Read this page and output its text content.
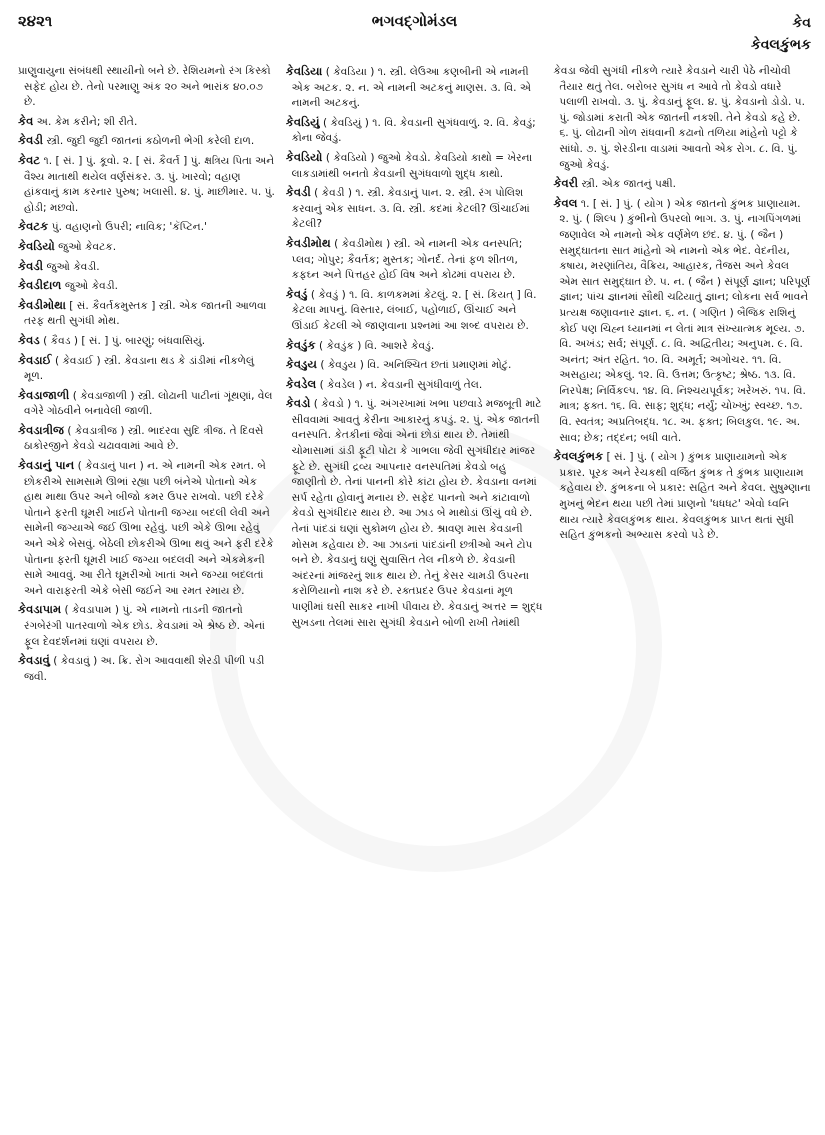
૨૪૨૧	ભગવદ્ગોમંડલ	કેવ
કેવલકુંભક

પ્રાણુવાયુના સંબંધથી સ્થાયીનો બને છે. રેશિયમનો રંગ કિસ્કો સફેદ હોય છે. તેનો પરમાણુ અંક ૨૦ અને ભારાંક ૪૦.૦૭ છે.

કેવ અ. કેમ કરીને; શી રીતે.

કેવડી સ્ત્રી. જુદી જુદી જાતનાં કઠોળની ભેગી કરેલી દાળ.

કેવટ ૧. [ સં. ] પું. કૂવો. ૨. [ સં. કૈવર્ત ] પું. ક્ષત્રિય પિતા અને વૈશ્ય માતાથી થયેલ વર્ણસંકર. ૩. પું. ખારવો; વહાણ હાંકવાનું કામ કરનાર પુરુષ; ખલાસી. ૪. પું. માછીમાર. ૫. પું. હોડી; મછવો.

કેવટક પું. વહાણનો ઉપરી; નાવિક; 'કૅપ્ટિન.'

કેવડિયો જુઓ કેવટક.

કેવડી જુઓ કેવડી.

કેવડીદાળ જુઓ કેવડી.

કેવડીમોથા [ સં. કૈવર્તકમુસ્તક ] સ્ત્રી. એક જાતની આળવા તરફ થતી સુગંધી મોથ.

કેવડ ( કૈવડ ) [ સં. ] પું. બારણું; બંધવાસિયું.

કેવડાઈ ( કેવડાઈ ) સ્ત્રી. કેવડાના થડ કે ડાંડીમાં નીકળેલું મૂળ.

કેવડાજાળી ( કેવડાજાળી ) સ્ત્રી. લોઢાની પાટીનાં ગૂંથણાં, વેલ વગેરે ગોઠવીને બનાવેલી જાળી.

કેવડાત્રીજ ( કેવડાત્રીજ ) સ્ત્રી. ભાદરવા સુદિ ત્રીજ. તે દિવસે ઠાકોરજીને કેવડો ચઢાવવામાં આવે છે.

કેવડાનું પાન ( કેવડાનું પાન ) ન. એ નામની એક રમત. બે છોકરીએ સામસામે ઊભાં રહ્યા પછી બંનેએ પોતાનો એક હાથ માથા ઉપર અને બીજો કમર ઉપર રાખવો. પછી દરેકે પોતાને ફરતી ઘૂમરી ખાઈને પોતાની જગ્યા બદલી લેવી અને સામેની જગ્યાએ જઈ ઊભા રહેવું. પછી એકે ઊભા રહેવું અને એકે બેસવું. બેઠેલી છોકરીએ ઊભા થવું અને ફરી દરેકે પોતાના ફરતી ઘૂમરી ખાઈ જગ્યા બદલવી અને એકમેકની સામે આવવું. આ રીતે ઘૂમરીઓ ખાતાં અને જગ્યા બદલતાં અને વારાફરતી એકે બેસી જઈને આ રમત રમાય છે.

કેવડાપામ ( કેવડાપામ ) પું. એ નામનો તાડની જાતનો રંગબેરંગી પાતરવાળો એક છોડ. કેવડામાં એ શ્રેષ્ઠ છે. એનાં ફૂલ દેવદર્શનમાં ઘણાં વપરાય છે.

કેવડાવું ( કેવડાવું ) અ. ક્રિ. રોગ આવવાથી શેરડી પીળી પડી જવી.

કેવડિયા ( કેવડિયા ) ૧. સ્ત્રી. લેઉઆ કણબીની એ નામની એક અટક. ૨. ન. એ નામની અટકનું માણસ. ૩. વિ. એ નામની અટકનું.

કેવડિયું ( કેવડિયું ) ૧. વિ. કેવડાની સુગંધવાળું. ૨. વિ. કેવડું; કોના જેવડું.

કેવડિયો ( કેવડિયો ) જુઓ કેવડો. કેવડિયો કાથો = ખેરના લાકડામાંથી બનતો કેવડાની સુગંધવાળો શુદ્ધ કાથો.

કેવડી ( કેવડી ) ૧. સ્ત્રી. કેવડાનું પાન. ૨. સ્ત્રી. રંગ પોલિશ કરવાનું એક સાધન. ૩. વિ. સ્ત્રી. કદમાં કેટલી? ઊંચાઈમાં કેટલી?

કેવડીમોથ ( કેવડીમોથ ) સ્ત્રી. એ નામની એક વનસ્પતિ; પ્લવ; ગોપુર; કૈવર્તક; મુસ્તક; ગોનર્દ. તેનાં ફળ શીતળ, કફઘ્ન અને પિત્તહર હોઈ વિષ અને કોઢમાં વપરાય છે.

કેવડું ( કેવડું ) ૧. વિ. કાળકમમાં કેટલું. ૨. [ સં. કિયત્ ] વિ. કેટલા માપનું. વિસ્તાર, લંબાઈ, પહોળાઈ, ઊંચાઈ અને ઊંડાઈ કેટલી એ જાણવાના પ્રશ્નમાં આ શબ્દ વપરાય છે.

કેવડુંક ( કેવડુંક ) વિ. આશરે કેવડું.

કેવડુય ( કેવડુય ) વિ. અનિશ્ચિત છતાં પ્રમાણમાં મોટું.

કેવડેલ ( કેવડેલ ) ન. કેવડાની સુગંધીવાળું તેલ.

કેવડો ( કેવડો ) ૧. પું. અંગરખામાં ખભા પછવાડે મજબૂતી માટે સીવવામાં આવતું કેરીના આકારનું કપડું. ૨. પું. એક જાતની વનસ્પતિ. કેતકીનાં જેવાં એનાં છોડાં થાય છે. તેમાંથી ચોમાસામાં ડાંડી ફૂટી પોટા કે ગાભલા જેવી સુગંધીદાર માંજર ફૂટે છે. સુગંધી દ્રવ્ય આપનાર વનસ્પતિમાં કેવડો બહુ જાણીતો છે. તેનાં પાનની કોરે કાંટા હોય છે. કેવડાના વનમાં સર્પ રહેતા હોવાનું મનાય છે. સફેદ પાનનો અને કાંટાવાળો કેવડો સુગંધીદાર થાય છે. આ ઝાડ બે માથોડાં ઊંચું વધે છે. તેનાં પાંદડાં ઘણાં સુકોમળ હોય છે. શ્રાવણ માસ કેવડાની મોસમ કહેવાય છે. આ ઝાડનાં પાંદડાંની છત્રીઓ અને ટોપ બને છે. કેવડાનું ઘણું સુવાસિત તેલ નીકળે છે. કેવડાની અંદરનાં માંજરનું શાક થાય છે. તેનું કેસર ચામડી ઉપરના કરોળિયાનો નાશ કરે છે. રક્તપ્રદર ઉપર કેવડાનાં મૂળ પાણીમાં ઘસી સાકર નાખી પીવાય છે. કેવડાનું અત્તર = શુદ્ધ સુખડના તેલમાં સારા સુગંધી કેવડાને બોળી રાખી તેમાંથી

કેવડા જેવી સુગંધી નીકળે ત્યારે કેવડાને ચારી પેઠે નીચોવી તૈયાર થતું તેલ. બરોબર સુગંધ ન આવે તો કેવડો વધારે પલાળી રાખવો. ૩. પું. કેવડાનું ફૂલ. ૪. પું. કેવડાનો ડોડો. ૫. પું. જોડામાં કરાતી એક જાતની નકશી. તેને કેવડો કહે છે. ૬. પું. લોઢાની ગોળ રાંધવાની કઢાનો તળિયા માંહેનો પટ્ટો કે સાંધો. ૭. પું. શેરડીના વાડામાં આવતો એક રોગ. ૮. વિ. પું. જુઓ કેવડું.

કેવરી સ્ત્રી. એક જાતનું પક્ષી.

કેવલ ૧. [ સં. ] પું. ( યોગ ) એક જાતનો કુંભક પ્રાણાયામ. ૨. પું. ( શિલ્પ ) કુંભીનો ઉપરલો ભાગ. ૩. પું. નાગપિંગળમાં જણાવેલ એ નામનો એક વર્ણમેળ છંદ. ૪. પું. ( જૈન ) સમુદ્ઘાતના સાત માંહેનો એ નામનો એક ભેદ. વેદનીય, કષાય, મરણાંતિય, વૈક્રિય, આહારક, તૈજસ અને કેવલ એમ સાત સમુદ્ઘાત છે. ૫. ન. ( જૈન ) સંપૂર્ણ જ્ઞાન; પરિપૂર્ણ જ્ઞાન; પાંચ જ્ઞાનમાં સૌથી ચઢિયાતું જ્ઞાન; લોકના સર્વ ભાવને પ્રત્યક્ષ જણાવનાર જ્ઞાન. ૬. ન. ( ગણિત ) બૈજિક રાશિનું કોઈ પણ ચિહ્ન ધ્યાનમાં ન લેતાં માત્ર સંખ્યાત્મક મૂલ્ય. ૭. વિ. અખંડ; સર્વ; સંપૂર્ણ. ૮. વિ. અદ્વિતીય; અનુપમ. ૯. વિ. અનંત; અંત રહિત. ૧૦. વિ. અમૂર્ત; અગોચર. ૧૧. વિ. અસહાય; એકલું. ૧૨. વિ. ઉત્તમ; ઉત્કૃષ્ટ; શ્રેષ્ઠ. ૧૩. વિ. નિરપેક્ષ; નિર્વિકલ્પ. ૧૪. વિ. નિશ્ચયપૂર્વક; ખરેખરું. ૧૫. વિ. માત્ર; ફક્ત. ૧૬. વિ. સાફ; શુદ્ધ; નર્યું; ચોખ્ખું; સ્વચ્છ. ૧૭. વિ. સ્વતંત્ર; અપ્રતિબદ્ધ. ૧૮. અ. ફક્ત; બિલકુલ. ૧૯. અ. સાવ; છેક; તદ્દન; બધી વાતે.

કેવલકુંભક [ સં. ] પું. ( યોગ ) કુંભક પ્રાણાયામનો એક પ્રકાર. પૂરક અને રેચકથી વર્જિત કુંભક તે કુંભક પ્રાણાયામ કહેવાય છે. કુંભકના બે પ્રકાર: સહિત અને કેવલ. સુષુમ્ણાના મુખનું ભેદન થયા પછી તેમાં પ્રાણનો 'ધધધટ' એવો ધ્વનિ થાય ત્યારે કેવલકુંભક થાય. કેવલકુંભક પ્રાપ્ત થતાં સુધી સહિત કુંભકનો અભ્યાસ કરવો પડે છે.
